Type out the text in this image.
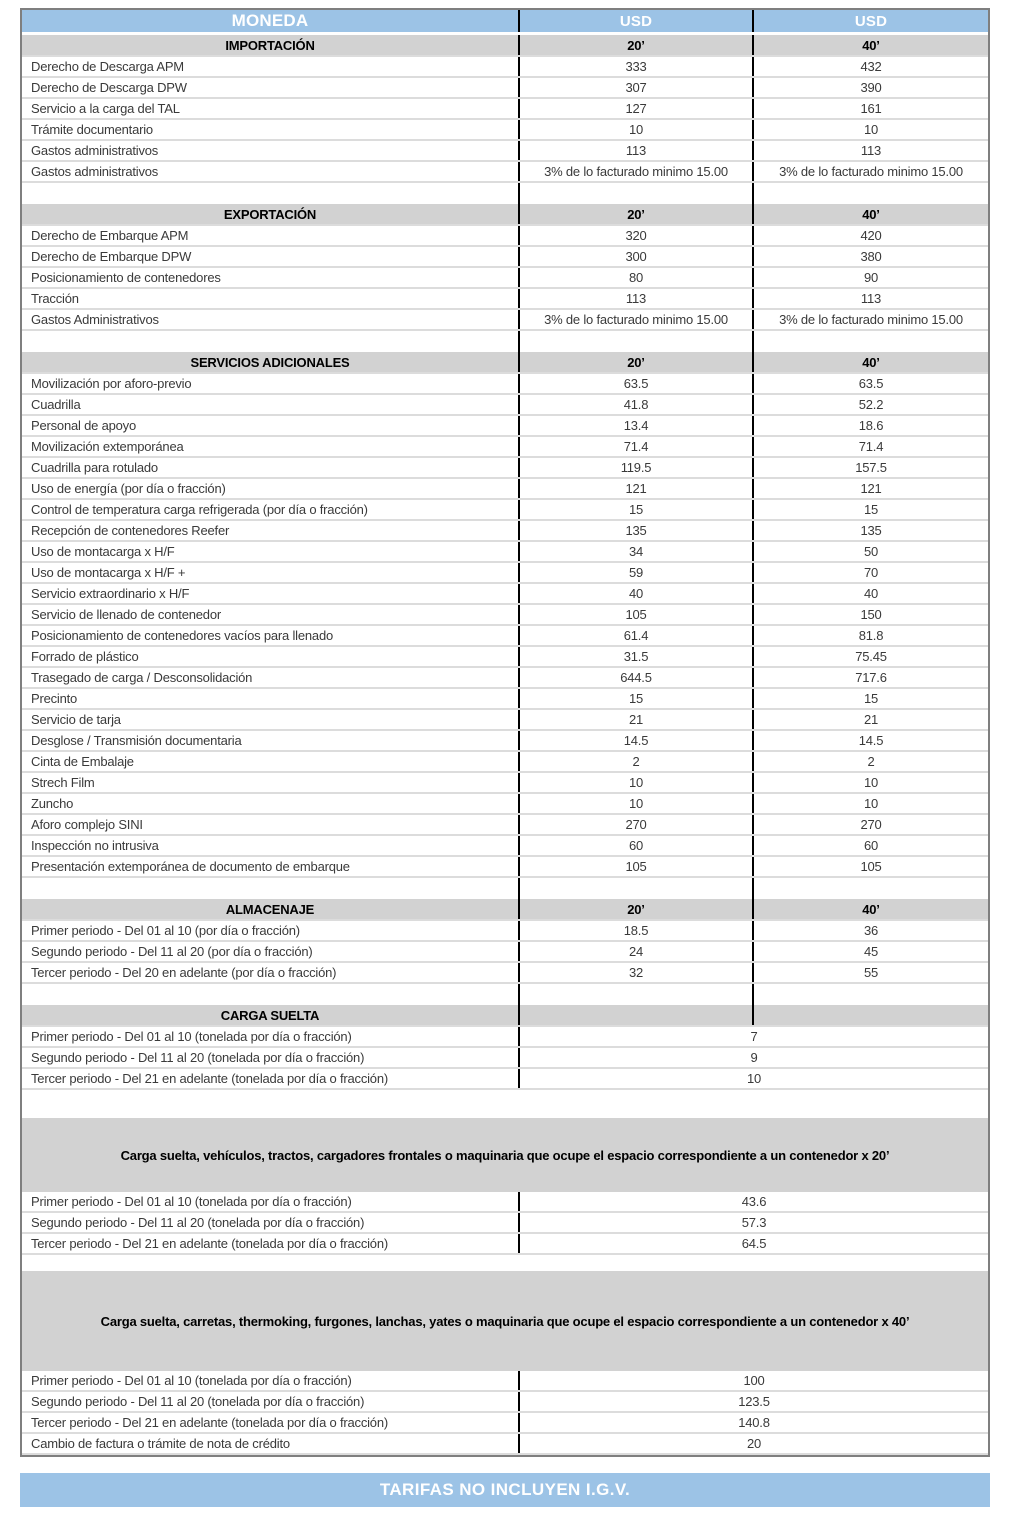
MONEDA	USD	USD
IMPORTACIÓN	20’	40’
Derecho de Descarga APM	333	432
Derecho de Descarga DPW	307	390
Servicio a la carga del TAL	127	161
Trámite documentario	10	10
Gastos administrativos	113	113
Gastos administrativos	3% de lo facturado minimo 15.00	3% de lo facturado minimo 15.00
EXPORTACIÓN	20’	40’
Derecho de Embarque APM	320	420
Derecho de Embarque DPW	300	380
Posicionamiento de contenedores	80	90
Tracción	113	113
Gastos Administrativos	3% de lo facturado minimo 15.00	3% de lo facturado minimo 15.00
SERVICIOS ADICIONALES	20’	40’
Movilización por aforo-previo	63.5	63.5
Cuadrilla	41.8	52.2
Personal de apoyo	13.4	18.6
Movilización extemporánea	71.4	71.4
Cuadrilla para rotulado	119.5	157.5
Uso de energía (por día o fracción)	121	121
Control de temperatura carga refrigerada (por día o fracción)	15	15
Recepción de contenedores Reefer	135	135
Uso de montacarga x H/F	34	50
Uso de montacarga x H/F +	59	70
Servicio extraordinario x H/F	40	40
Servicio de llenado de contenedor	105	150
Posicionamiento de contenedores vacíos para llenado	61.4	81.8
Forrado de plástico	31.5	75.45
Trasegado de carga / Desconsolidación	644.5	717.6
Precinto	15	15
Servicio de tarja	21	21
Desglose / Transmisión documentaria	14.5	14.5
Cinta de Embalaje	2	2
Strech Film	10	10
Zuncho	10	10
Aforo complejo SINI	270	270
Inspección no intrusiva	60	60
Presentación extemporánea de documento de embarque	105	105
ALMACENAJE	20’	40’
Primer periodo - Del 01 al 10 (por día o fracción)	18.5	36
Segundo periodo - Del 11 al 20 (por día o fracción)	24	45
Tercer periodo - Del 20 en adelante (por día o fracción)	32	55
CARGA SUELTA
Primer periodo - Del 01 al 10 (tonelada por día o fracción)	7
Segundo periodo - Del 11 al 20 (tonelada por día o fracción)	9
Tercer periodo - Del 21 en adelante (tonelada por día o fracción)	10
Carga suelta, vehículos, tractos, cargadores frontales o maquinaria que ocupe el espacio correspondiente a un contenedor x 20’
Primer periodo - Del 01 al 10 (tonelada por día o fracción)	43.6
Segundo periodo - Del 11 al 20 (tonelada por día o fracción)	57.3
Tercer periodo - Del 21 en adelante (tonelada por día o fracción)	64.5
Carga suelta, carretas, thermoking, furgones, lanchas, yates o maquinaria que ocupe el espacio correspondiente a un contenedor x 40’
Primer periodo - Del 01 al 10 (tonelada por día o fracción)	100
Segundo periodo - Del 11 al 20 (tonelada por día o fracción)	123.5
Tercer periodo - Del 21 en adelante (tonelada por día o fracción)	140.8
Cambio de factura o trámite de nota de crédito	20
TARIFAS NO INCLUYEN I.G.V.
